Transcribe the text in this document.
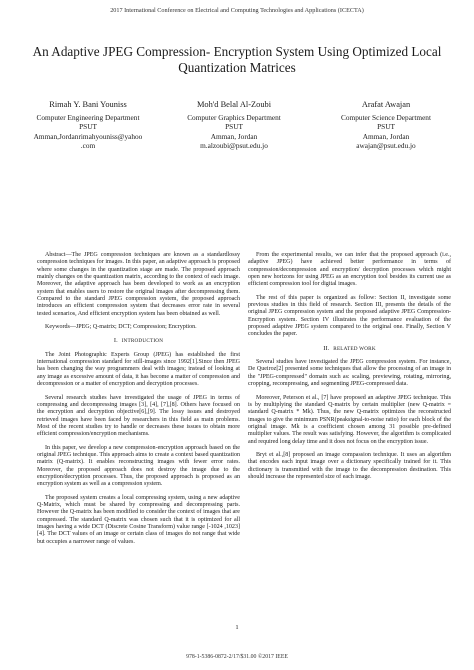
2017 International Conference on Electrical and Computing Technologies and Applications (ICECTA)
An Adaptive JPEG Compression- Encryption System Using Optimized Local Quantization Matrices
Rimah Y. Bani Youniss
Computer Engineering Department
PSUT
Amman,Jordanrimahyouniss@yahoo
.com
Moh'd Belal Al-Zoubi
Computer Graphics Department
PSUT
Amman, Jordan
m.alzoubi@psut.edu.jo
Arafat Awajan
Computer Science Department
PSUT
Amman, Jordan
awajan@psut.edu.jo

Abstract—The JPEG compression techniques are known as a standardlossy compression techniques for images. In this paper, an adaptive approach is proposed where some changes in the quantization stage are made. The proposed approach mainly changes on the quantization matrix, according to the context of each image. Moreover, the adaptive approach has been developed to work as an encryption system that enables users to restore the original images after decompressing them. Compared to the standard JPEG compression system, the proposed approach introduces an efficient compression system that decreases error rate in several tested scenarios, And efficient encryption system has been obtained as well.

Keywords—JPEG; Q-matrix; DCT; Compression; Encryption.

I. INTRODUCTION

The Joint Photographic Experts Group (JPEG) has established the first international compression standard for still-images since 1992[1].Since then JPEG has been changing the way programmers deal with images; instead of looking at any image as excessive amount of data, it has become a matter of compression and decompression or a matter of encryption and decryption processes.

Several research studies have investigated the usage of JPEG in terms of compressing and decompressing images [3], [4], [7],[8]. Others have focused on the encryption and decryption objective[6],[9]. The lossy issues and destroyed retrieved images have been faced by researchers in this field as main problems. Most of the recent studies try to handle or decreases these issues to obtain more efficient compression/encryption mechanisms.

In this paper, we develop a new compression-encryption approach based on the original JPEG technique. This approach aims to create a context based quantization matrix (Q-matrix). It enables reconstructing images with fewer error rates. Moreover, the proposed approach does not destroy the image due to the encryption/decryption processes. Thus, the proposed approach is proposed as an encryption system as well as a compression system.

The proposed system creates a local compressing system, using a new adaptive Q-Matrix, which must be shared by compressing and decompressing parts. However the Q-matrix has been modified to consider the context of images that are compressed. The standard Q-matrix was chosen such that it is optimized for all images having a wide DCT (Discrete Cosine Transform) value range [-1024 ,1023][4]. The DCT values of an image or certain class of images do not range that wide but occupies a narrower range of values.

From the experimental results, we can infer that the proposed approach (i.e., adaptive JPEG) have achieved better performance in terms of compression/decompression and encryption/ decryption processes which might open new horizons for using JPEG as an encryption tool besides its current use as efficient compression tool for digital images.

The rest of this paper is organized as follow: Section II, investigate some previous studies in this field of research. Section III, presents the details of the original JPEG compression system and the proposed adaptive JPEG Compression-Encryption system. Section IV illustrates the performance evaluation of the proposed adaptive JPEG system compared to the original one. Finally, Section V concludes the paper.

II. RELATED WORK

Several studies have investigated the JPEG compression system. For instance, De Queiroz[2] presented some techniques that allow the processing of an image in the "JPEG-compressed" domain such as: scaling, previewing, rotating, mirroring, cropping, recompressing, and segmenting JPEG-compressed data.

Moreover, Peterson et al., [7] have proposed an adaptive JPEG technique. This is by multiplying the standard Q-matrix by certain multiplier (new Q-matrix = standard Q-matrix * Mk). Thus, the new Q-matrix optimizes the reconstructed images to give the minimum PSNR(peaksignal-to-noise ratio) for each block of the original image. Mk is a coefficient chosen among 31 possible pre-defined multiplier values. The result was satisfying. However, the algorithm is complicated and required long delay time and it does not focus on the encryption issue.

Bryt et al.,[8] proposed an image compassion technique. It uses an algorithm that encodes each input image over a dictionary specifically trained for it. This dictionary is transmitted with the image to the decompression destination. This should increase the represented size of each image.

1
978-1-5386-0872-2/17/$31.00 ©2017 IEEE
